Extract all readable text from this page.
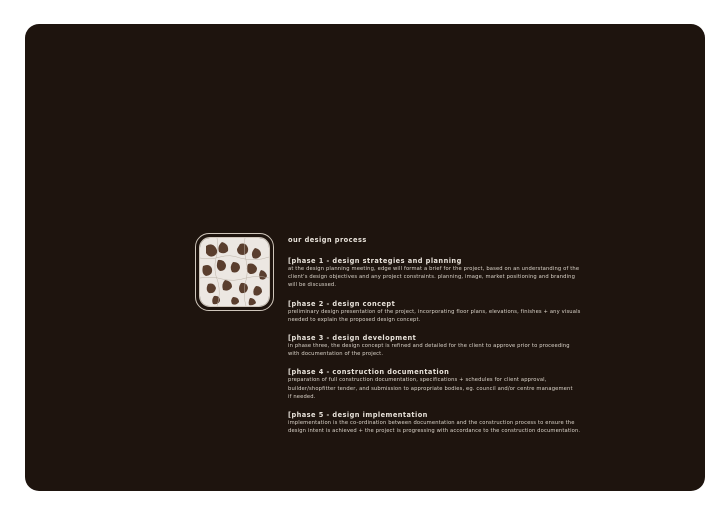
our design process

[phase 1 - design strategies and planning

at the design planning meeting, edge will format a brief for the project, based on an understanding of the
client's design objectives and any project constraints. planning, image, market positioning and branding
will be discussed.

[phase 2 - design concept

preliminary design presentation of the project, incorporating floor plans, elevations, finishes + any visuals
needed to explain the proposed design concept.

[phase 3 - design development

in phase three, the design concept is refined and detailed for the client to approve prior to proceeding
with documentation of the project.

[phase 4 - construction documentation

preparation of full construction documentation, specifications + schedules for client approval,
builder/shopfitter tender, and submission to appropriate bodies, eg. council and/or centre management
if needed.

[phase 5 - design implementation

implementation is the co-ordination between documentation and the construction process to ensure the
design intent is achieved + the project is progressing with accordance to the construction documentation.
